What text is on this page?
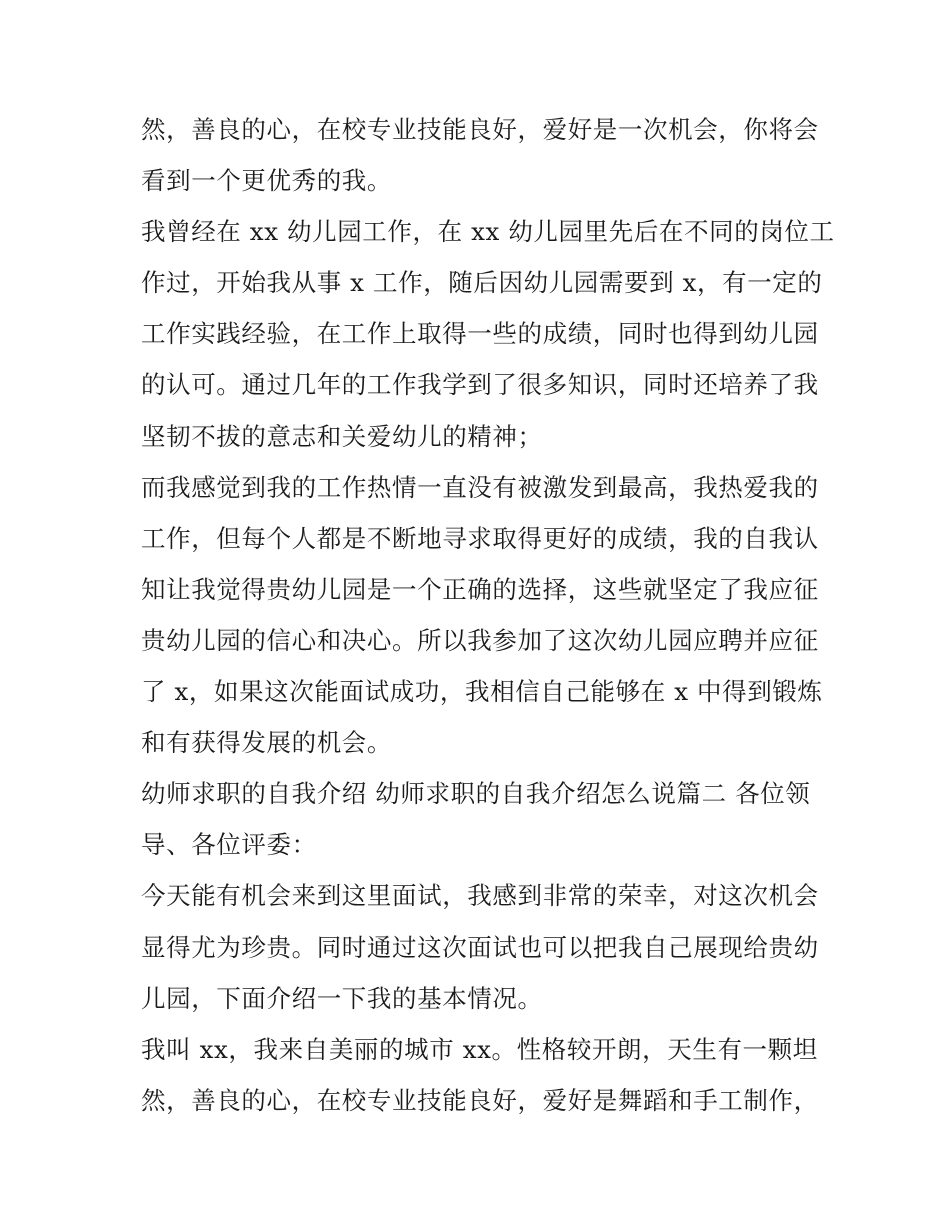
然，善良的心，在校专业技能良好，爱好是一次机会，你将会
看到一个更优秀的我。
我曾经在 xx 幼儿园工作，在 xx 幼儿园里先后在不同的岗位工
作过，开始我从事 x 工作，随后因幼儿园需要到 x，有一定的
工作实践经验，在工作上取得一些的成绩，同时也得到幼儿园
的认可。通过几年的工作我学到了很多知识，同时还培养了我
坚韧不拔的意志和关爱幼儿的精神；
而我感觉到我的工作热情一直没有被激发到最高，我热爱我的
工作，但每个人都是不断地寻求取得更好的成绩，我的自我认
知让我觉得贵幼儿园是一个正确的选择，这些就坚定了我应征
贵幼儿园的信心和决心。所以我参加了这次幼儿园应聘并应征
了 x，如果这次能面试成功，我相信自己能够在 x 中得到锻炼
和有获得发展的机会。
幼师求职的自我介绍 幼师求职的自我介绍怎么说篇二 各位领
导、各位评委：
今天能有机会来到这里面试，我感到非常的荣幸，对这次机会
显得尤为珍贵。同时通过这次面试也可以把我自己展现给贵幼
儿园，下面介绍一下我的基本情况。
我叫 xx，我来自美丽的城市 xx。性格较开朗，天生有一颗坦
然，善良的心，在校专业技能良好，爱好是舞蹈和手工制作，
